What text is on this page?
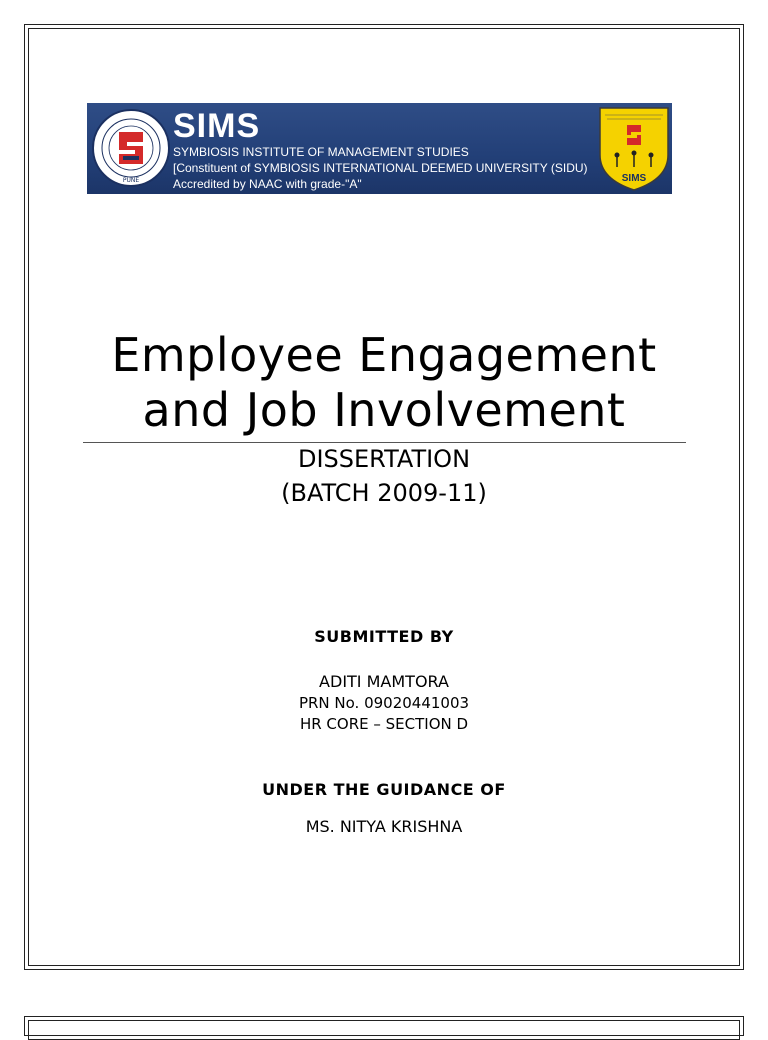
PUNE
SIMS
SYMBIOSIS INSTITUTE OF MANAGEMENT STUDIES
[Constituent of SYMBIOSIS INTERNATIONAL DEEMED UNIVERSITY (SIDU)
Accredited by NAAC with grade-"A"	SIMS
Employee Engagement
and Job Involvement
DISSERTATION
(BATCH 2009-11)
SUBMITTED BY
ADITI MAMTORA
PRN No. 09020441003
HR CORE – SECTION D
UNDER THE GUIDANCE OF
MS. NITYA KRISHNA
